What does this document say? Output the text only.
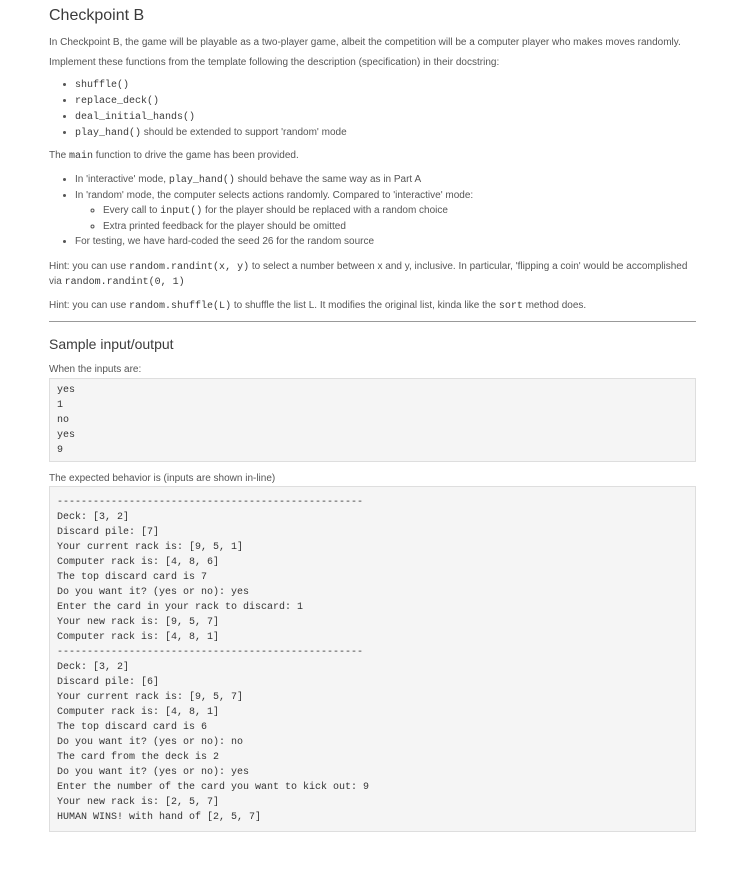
Checkpoint B

In Checkpoint B, the game will be playable as a two-player game, albeit the competition will be a computer player who makes moves randomly.

Implement these functions from the template following the description (specification) in their docstring:

• shuffle()
• replace_deck()
• deal_initial_hands()
• play_hand() should be extended to support 'random' mode

The main function to drive the game has been provided.

• In 'interactive' mode, play_hand() should behave the same way as in Part A
• In 'random' mode, the computer selects actions randomly. Compared to 'interactive' mode:
◦ Every call to input() for the player should be replaced with a random choice
◦ Extra printed feedback for the player should be omitted
• For testing, we have hard-coded the seed 26 for the random source

Hint: you can use random.randint(x, y) to select a number between x and y, inclusive. In particular, 'flipping a coin' would be accomplished via random.randint(0, 1)

Hint: you can use random.shuffle(L) to shuffle the list L. It modifies the original list, kinda like the sort method does.

Sample input/output

When the inputs are:

yes
1
no
yes
9

The expected behavior is (inputs are shown in-line)

---------------------------------------------------
Deck: [3, 2]
Discard pile: [7]
Your current rack is: [9, 5, 1]
Computer rack is: [4, 8, 6]
The top discard card is 7
Do you want it? (yes or no): yes
Enter the card in your rack to discard: 1
Your new rack is: [9, 5, 7]
Computer rack is: [4, 8, 1]
---------------------------------------------------
Deck: [3, 2]
Discard pile: [6]
Your current rack is: [9, 5, 7]
Computer rack is: [4, 8, 1]
The top discard card is 6
Do you want it? (yes or no): no
The card from the deck is 2
Do you want it? (yes or no): yes
Enter the number of the card you want to kick out: 9
Your new rack is: [2, 5, 7]
HUMAN WINS! with hand of [2, 5, 7]
